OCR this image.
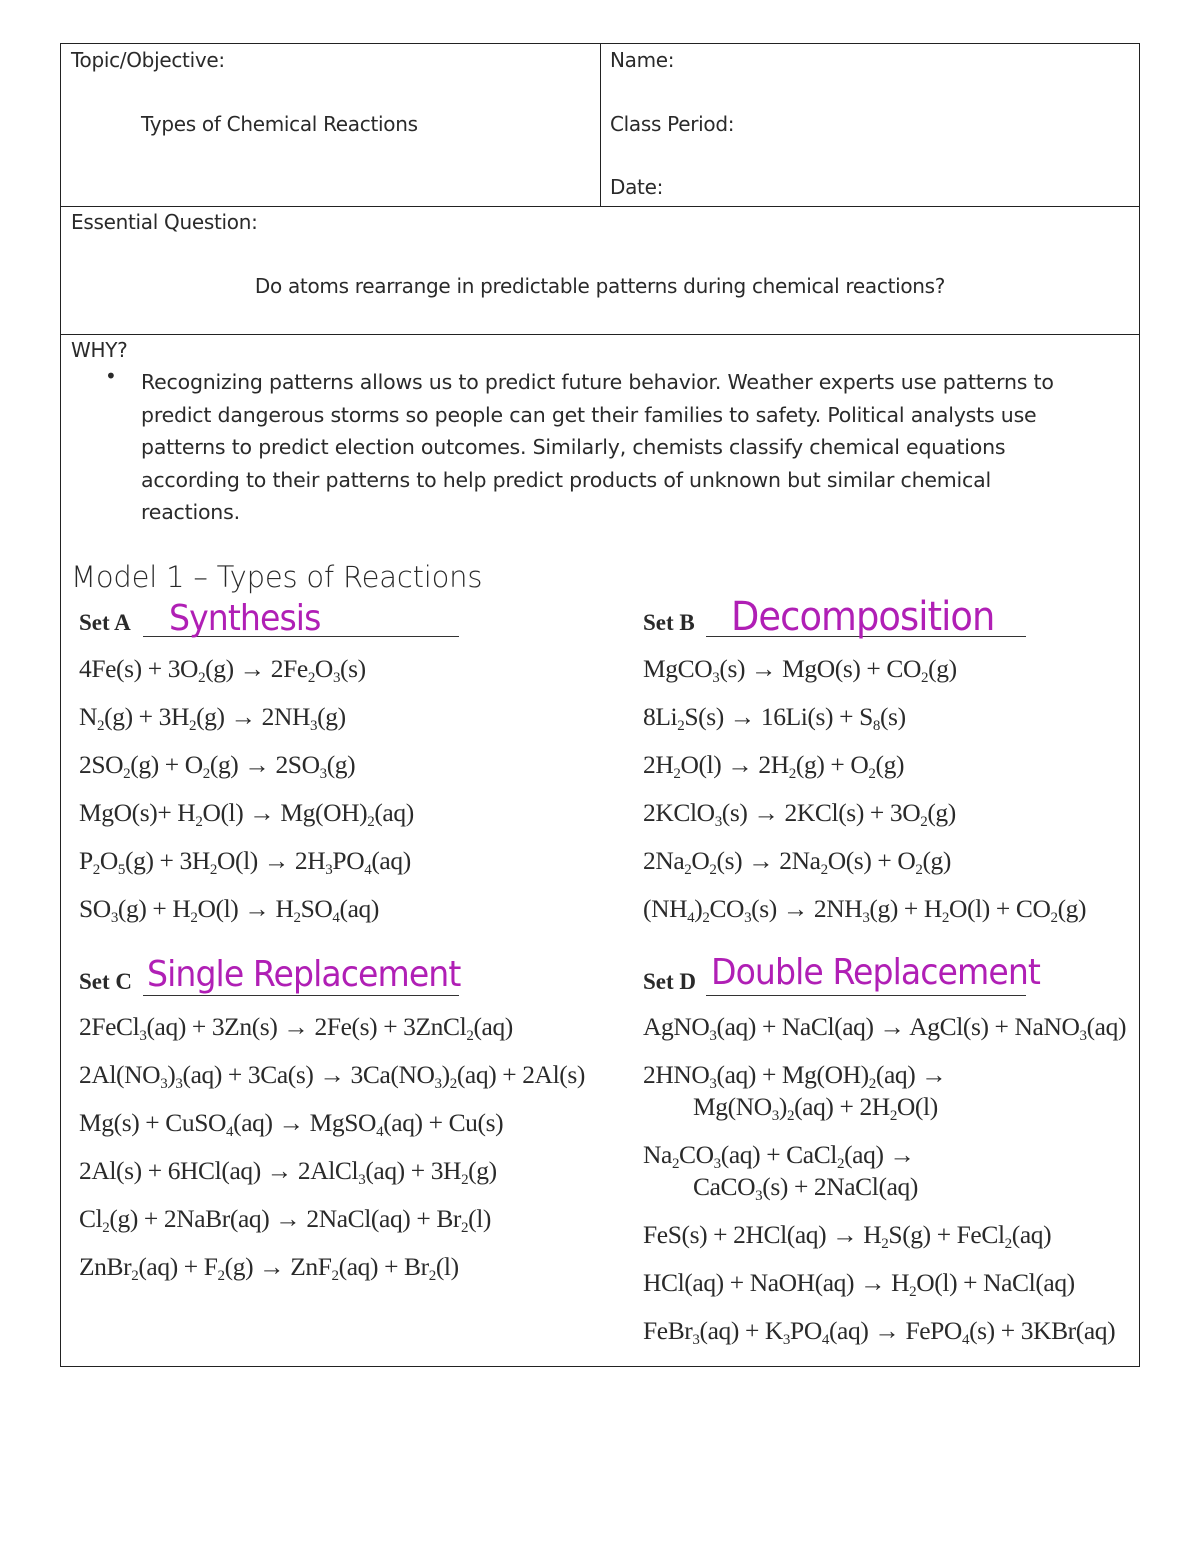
Topic/Objective:
Types of Chemical Reactions
Name:
Class Period:
Date:
Essential Question:
Do atoms rearrange in predictable patterns during chemical reactions?
WHY?
• Recognizing patterns allows us to predict future behavior. Weather experts use patterns to
predict dangerous storms so people can get their families to safety. Political analysts use
patterns to predict election outcomes. Similarly, chemists classify chemical equations
according to their patterns to help predict products of unknown but similar chemical
reactions.
Model 1 – Types of Reactions
Set A Synthesis
$4Fe(s) + 3O_2(g) \to 2Fe_2O_3(s)$
$N_2(g) + 3H_2(g) \to 2NH_3(g)$
$2SO_2(g) + O_2(g) \to 2SO_3(g)$
$MgO(s)+ H_2O(l) \to Mg(OH)_2(aq)$
$P_2O_5(g) + 3H_2O(l) \to 2H_3PO_4(aq)$
$SO_3(g) + H_2O(l) \to H_2SO_4(aq)$
Set B Decomposition
MgCO$_3$(s) → $MgO(s) + CO_2(g)$
$8Li_2S(s) \to 16Li(s) + S_8(s)$
$2H_2O(l) \to 2H_2(g) + O_2(g)$
2KClO$_3$(s) → $2KCl(s) + 3O_2(g)$
$2Na_2O_2(s) \to 2Na_2O(s) + O_2(g)$
$(NH_4)_2CO_3(s) \to 2NH_3(g) + H_2O(l) + CO_2(g)$
Set C Single Replacement
2FeCl$_3$(aq) + 3Zn(s) → 2Fe(s) + 3ZnCl$_2$(aq)
$2Al(NO_3)_3(aq) + 3Ca(s) \to 3Ca(NO_3)_2(aq) + 2Al(s)$
Mg(s) + CuSO$_4$(aq) → MgSO$_4$(aq) + Cu(s)
2Al(s) + 6HCl(aq) → 2AlCl$_3$(aq) + $3H_2(g)$
$Cl_2(g)$ + 2NaBr(aq) → 2NaCl(aq) + $Br_2(l)$
ZnBr$_2$(aq) + $F_2(g) \to ZnF_2(aq) + Br_2(l)$
Set D Double Replacement
AgNO$_3$(aq) + NaCl(aq) → AgCl(s) + NaNO$_3$(aq)
$2HNO_3(aq) + Mg(OH)_2(aq)$ →
$Mg(NO_3)_2(aq) + 2H_2O(l)$
$Na_2CO_3(aq)$ + CaCl$_2$(aq) →
CaCO$_3$(s) + 2NaCl(aq)
$FeS(s) + 2HCl(aq) \to H_2S(g)$ + FeCl$_2$(aq)
HCl(aq) + NaOH(aq) → $H_2O(l)$ + NaCl(aq)
FeBr$_3$(aq) + $K_3PO_4(aq)$ → FePO$_4$(s) + 3KBr(aq)
